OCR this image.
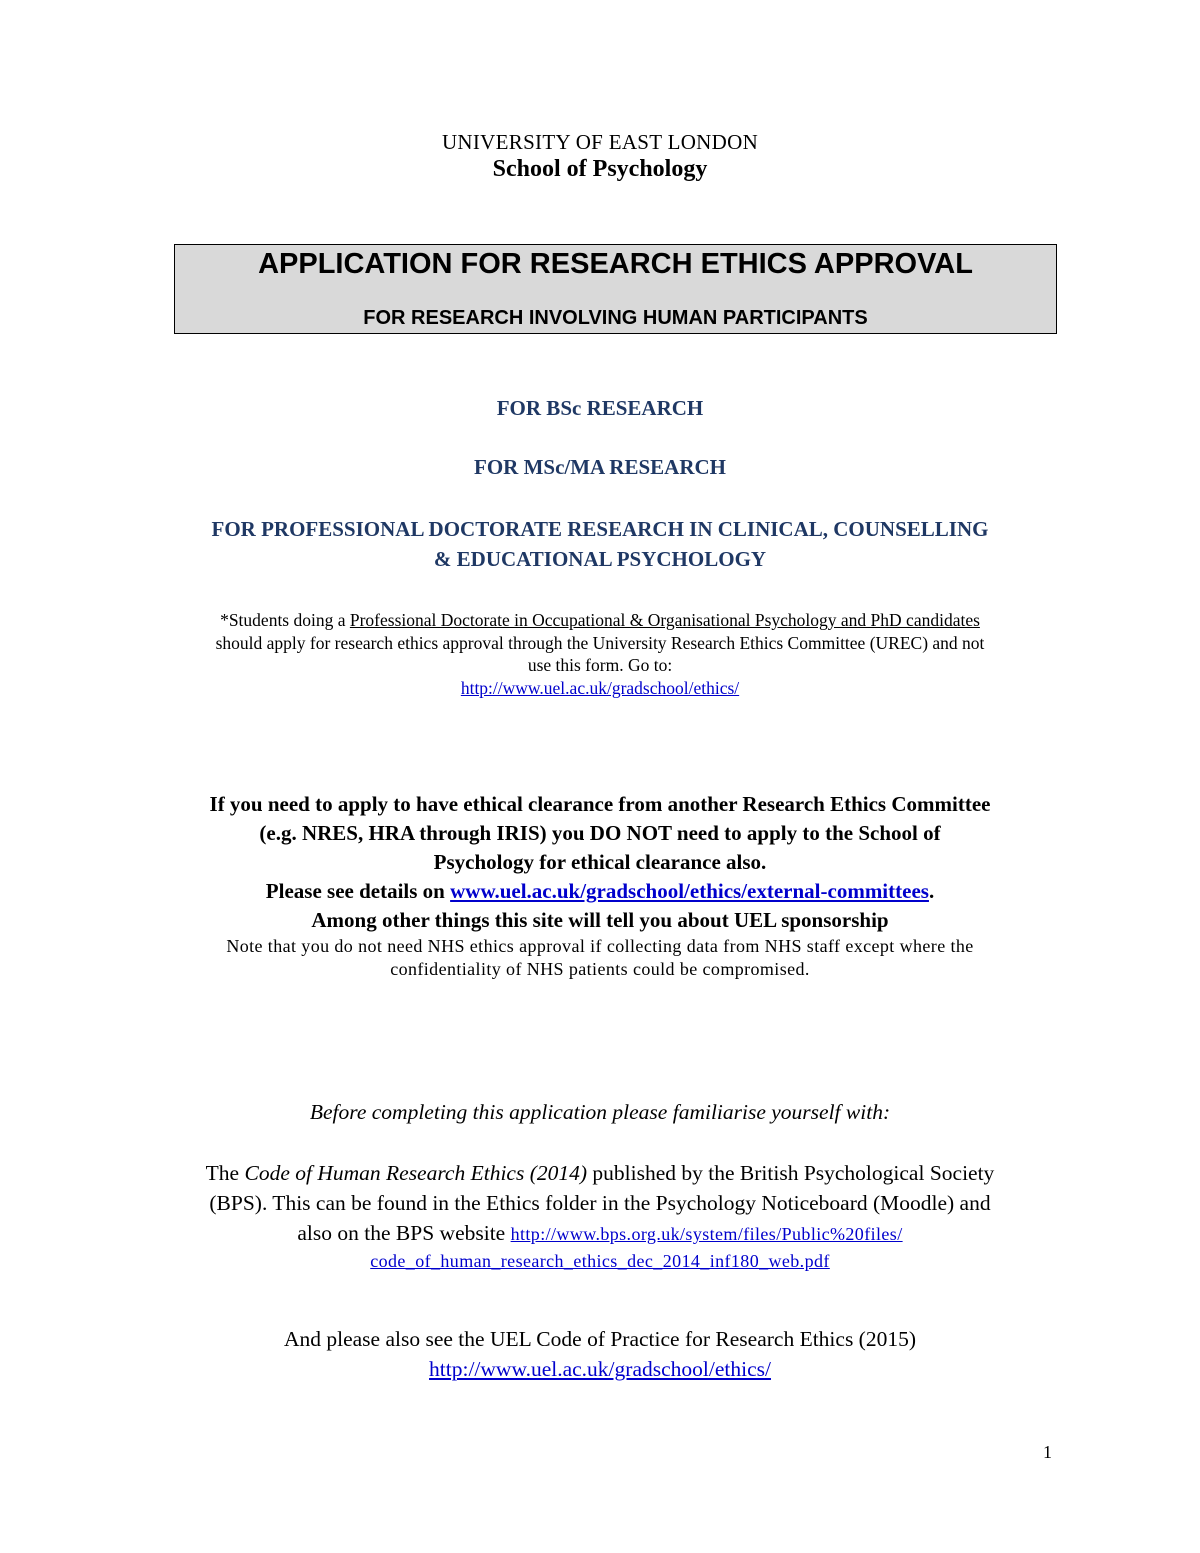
UNIVERSITY OF EAST LONDON
School of Psychology
APPLICATION FOR RESEARCH ETHICS APPROVAL
FOR RESEARCH INVOLVING HUMAN PARTICIPANTS
FOR BSc RESEARCH
FOR MSc/MA RESEARCH
FOR PROFESSIONAL DOCTORATE RESEARCH IN CLINICAL, COUNSELLING
& EDUCATIONAL PSYCHOLOGY
*Students doing a Professional Doctorate in Occupational & Organisational Psychology and PhD candidates
should apply for research ethics approval through the University Research Ethics Committee (UREC) and not
use this form. Go to:
http://www.uel.ac.uk/gradschool/ethics/
If you need to apply to have ethical clearance from another Research Ethics Committee
(e.g. NRES, HRA through IRIS) you DO NOT need to apply to the School of
Psychology for ethical clearance also.
Please see details on www.uel.ac.uk/gradschool/ethics/external-committees.
Among other things this site will tell you about UEL sponsorship
Note that you do not need NHS ethics approval if collecting data from NHS staff except where the
confidentiality of NHS patients could be compromised.
Before completing this application please familiarise yourself with:
The Code of Human Research Ethics (2014) published by the British Psychological Society
(BPS). This can be found in the Ethics folder in the Psychology Noticeboard (Moodle) and
also on the BPS website http://www.bps.org.uk/system/files/Public%20files/
code_of_human_research_ethics_dec_2014_inf180_web.pdf
And please also see the UEL Code of Practice for Research Ethics (2015)
http://www.uel.ac.uk/gradschool/ethics/
1
